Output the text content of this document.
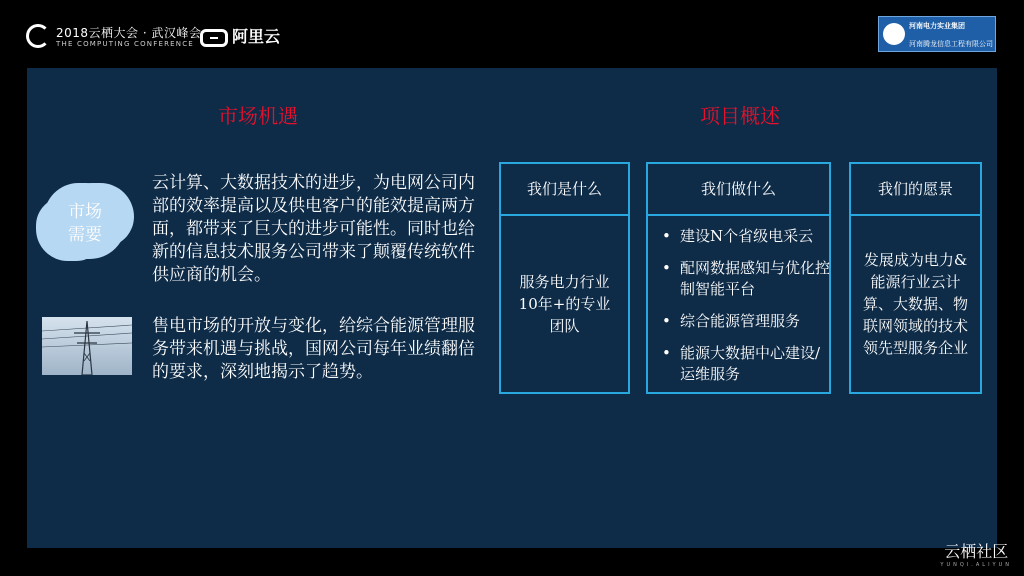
2018云栖大会 · 武汉峰会
THE COMPUTING CONFERENCE	阿里云
河南电力实业集团
河南腾龙信息工程有限公司
市场机遇	项目概述
市场
需要
云计算、大数据技术的进步，为电网公司内部的效率提高以及供电客户的能效提高两方面，都带来了巨大的进步可能性。同时也给新的信息技术服务公司带来了颠覆传统软件供应商的机会。
售电市场的开放与变化，给综合能源管理服务带来机遇与挑战，国网公司每年业绩翻倍的要求，深刻地揭示了趋势。
我们是什么
服务电力行业10年+的专业团队
我们做什么
• 建设N个省级电采云
• 配网数据感知与优化控制智能平台
• 综合能源管理服务
• 能源大数据中心建设/运维服务
我们的愿景
发展成为电力&能源行业云计算、大数据、物联网领域的技术领先型服务企业
云栖社区
YUNQI.ALIYUN
